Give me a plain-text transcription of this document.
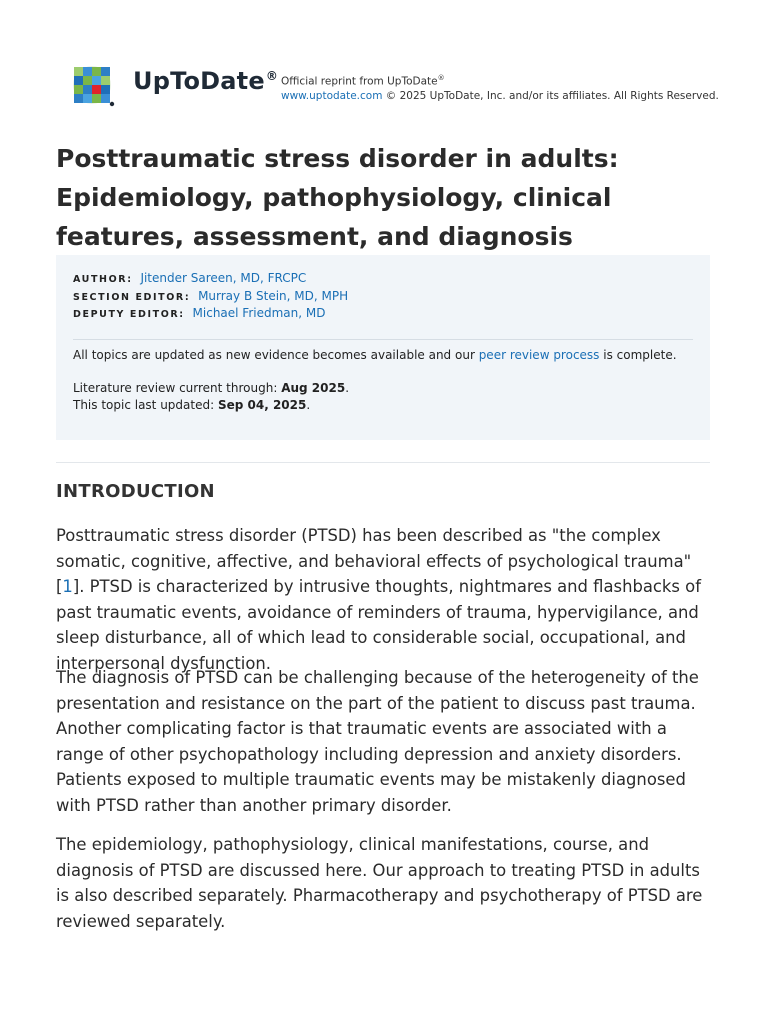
UpToDate® Official reprint from UpToDate®
www.uptodate.com © 2025 UpToDate, Inc. and/or its affiliates. All Rights Reserved.
Posttraumatic stress disorder in adults: Epidemiology, pathophysiology, clinical features, assessment, and diagnosis
AUTHOR: Jitender Sareen, MD, FRCPC
SECTION EDITOR: Murray B Stein, MD, MPH
DEPUTY EDITOR: Michael Friedman, MD
All topics are updated as new evidence becomes available and our peer review process is complete.
Literature review current through: Aug 2025.
This topic last updated: Sep 04, 2025.
INTRODUCTION

Posttraumatic stress disorder (PTSD) has been described as "the complex somatic, cognitive, affective, and behavioral effects of psychological trauma" [1]. PTSD is characterized by intrusive thoughts, nightmares and flashbacks of past traumatic events, avoidance of reminders of trauma, hypervigilance, and sleep disturbance, all of which lead to considerable social, occupational, and interpersonal dysfunction.

The diagnosis of PTSD can be challenging because of the heterogeneity of the presentation and resistance on the part of the patient to discuss past trauma. Another complicating factor is that traumatic events are associated with a range of other psychopathology including depression and anxiety disorders. Patients exposed to multiple traumatic events may be mistakenly diagnosed with PTSD rather than another primary disorder.

The epidemiology, pathophysiology, clinical manifestations, course, and diagnosis of PTSD are discussed here. Our approach to treating PTSD in adults is also described separately. Pharmacotherapy and psychotherapy of PTSD are reviewed separately.
